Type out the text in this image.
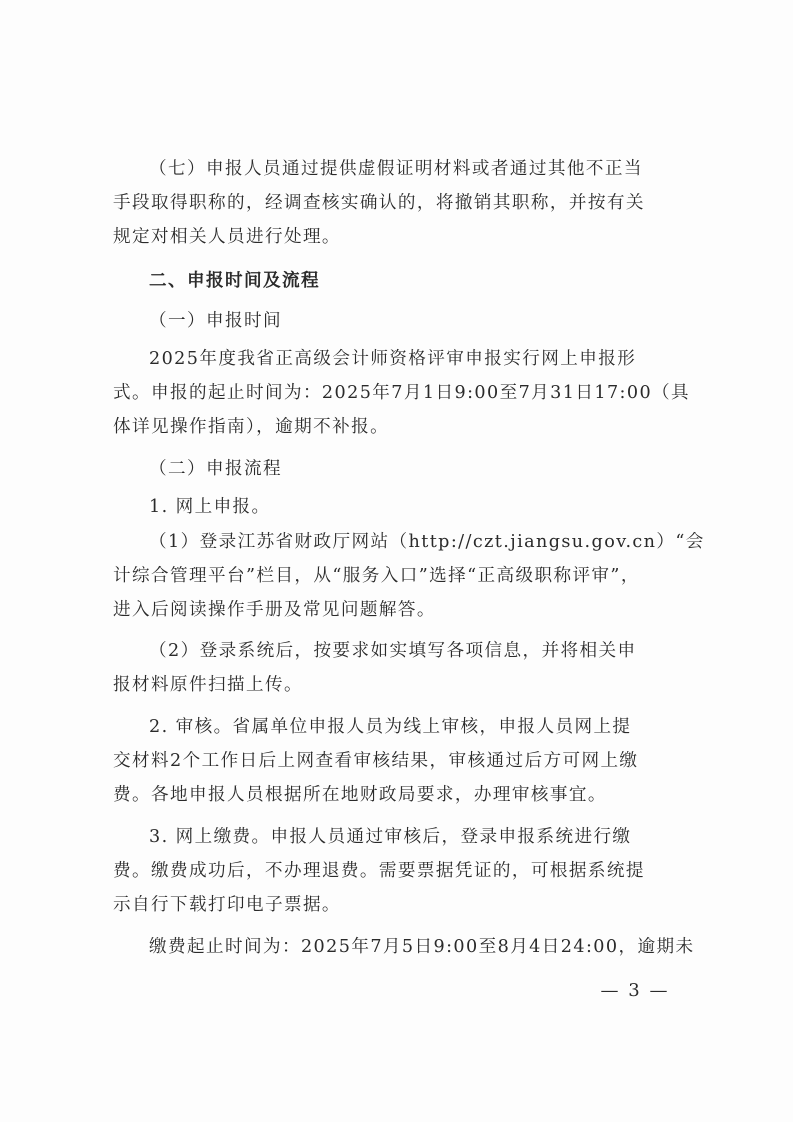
（七）申报人员通过提供虚假证明材料或者通过其他不正当
手段取得职称的，经调查核实确认的，将撤销其职称，并按有关
规定对相关人员进行处理。
二、申报时间及流程
（一）申报时间
2025年度我省正高级会计师资格评审申报实行网上申报形
式。申报的起止时间为：2025年7月1日9:00至7月31日17:00（具
体详见操作指南），逾期不补报。
（二）申报流程
1. 网上申报。
（1）登录江苏省财政厅网站（http://czt.jiangsu.gov.cn）“会
计综合管理平台”栏目，从“服务入口”选择“正高级职称评审”，
进入后阅读操作手册及常见问题解答。
（2）登录系统后，按要求如实填写各项信息，并将相关申
报材料原件扫描上传。
2. 审核。省属单位申报人员为线上审核，申报人员网上提
交材料2个工作日后上网查看审核结果，审核通过后方可网上缴
费。各地申报人员根据所在地财政局要求，办理审核事宜。
3. 网上缴费。申报人员通过审核后，登录申报系统进行缴
费。缴费成功后，不办理退费。需要票据凭证的，可根据系统提
示自行下载打印电子票据。
缴费起止时间为：2025年7月5日9:00至8月4日24:00，逾期未
— 3 —
